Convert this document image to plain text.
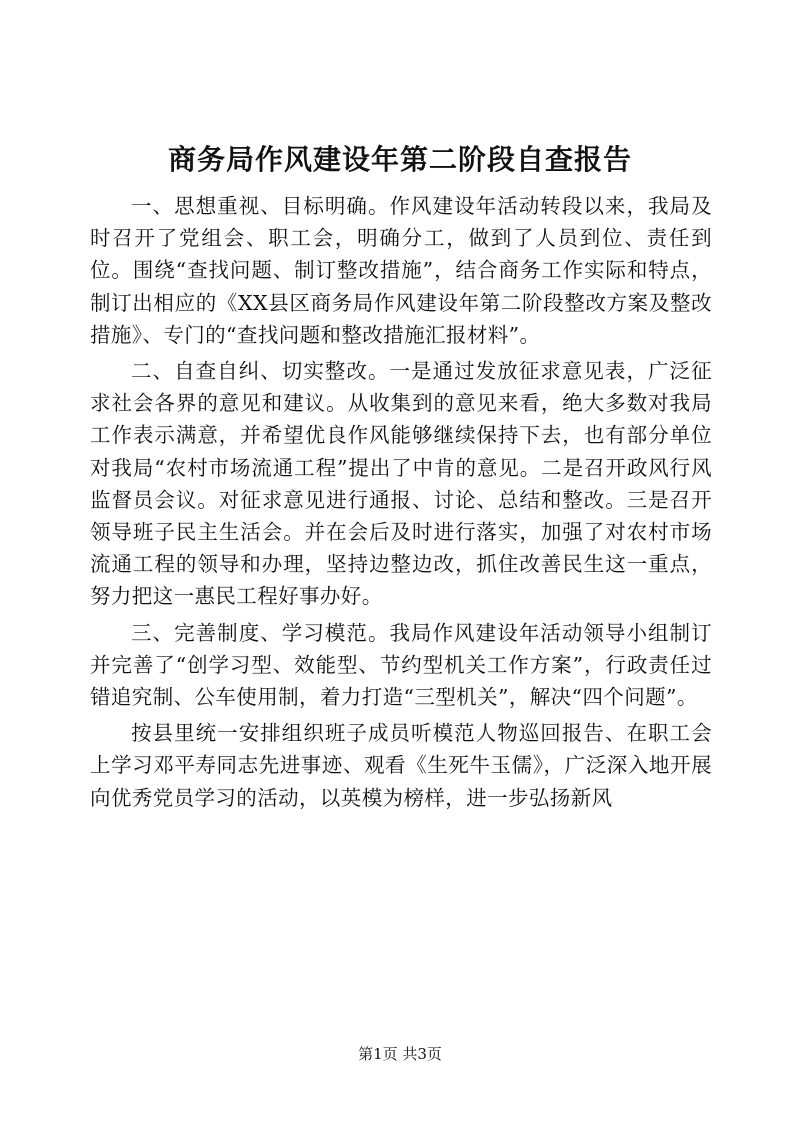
商务局作风建设年第二阶段自查报告

一、思想重视、目标明确。作风建设年活动转段以来，我局及时召开了党组会、职工会，明确分工，做到了人员到位、责任到位。围绕“查找问题、制订整改措施”，结合商务工作实际和特点，制订出相应的《XX县区商务局作风建设年第二阶段整改方案及整改措施》、专门的“查找问题和整改措施汇报材料”。

二、自查自纠、切实整改。一是通过发放征求意见表，广泛征求社会各界的意见和建议。从收集到的意见来看，绝大多数对我局工作表示满意，并希望优良作风能够继续保持下去，也有部分单位对我局“农村市场流通工程”提出了中肯的意见。二是召开政风行风监督员会议。对征求意见进行通报、讨论、总结和整改。三是召开领导班子民主生活会。并在会后及时进行落实，加强了对农村市场流通工程的领导和办理，坚持边整边改，抓住改善民生这一重点，努力把这一惠民工程好事办好。

三、完善制度、学习模范。我局作风建设年活动领导小组制订并完善了“创学习型、效能型、节约型机关工作方案”，行政责任过错追究制、公车使用制，着力打造“三型机关”，解决“四个问题”。

按县里统一安排组织班子成员听模范人物巡回报告、在职工会上学习邓平寿同志先进事迹、观看《生死牛玉儒》，广泛深入地开展向优秀党员学习的活动，以英模为榜样，进一步弘扬新风

第1页 共3页
